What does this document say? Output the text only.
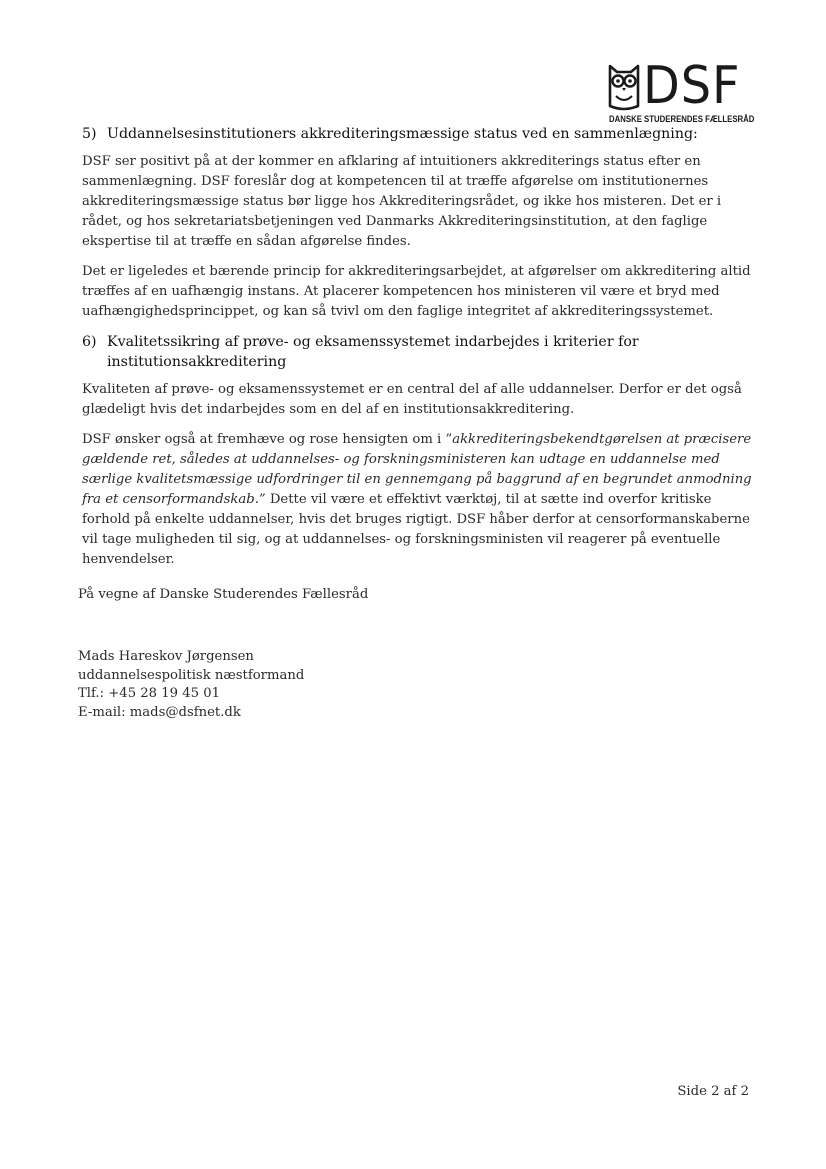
DSF
DANSKE STUDERENDES FÆLLESRÅD
5) Uddannelsesinstitutioners akkrediteringsmæssige status ved en sammenlægning:

DSF ser positivt på at der kommer en afklaring af intuitioners akkrediterings status efter en sammenlægning. DSF foreslår dog at kompetencen til at træffe afgørelse om institutionernes akkrediteringsmæssige status bør ligge hos Akkrediteringsrådet, og ikke hos misteren. Det er i rådet, og hos sekretariatsbetjeningen ved Danmarks Akkrediteringsinstitution, at den faglige ekspertise til at træffe en sådan afgørelse findes.

Det er ligeledes et bærende princip for akkrediteringsarbejdet, at afgørelser om akkreditering altid træffes af en uafhængig instans. At placerer kompetencen hos ministeren vil være et bryd med uafhængighedsprincippet, og kan så tvivl om den faglige integritet af akkrediteringssystemet.

6) Kvalitetssikring af prøve- og eksamenssystemet indarbejdes i kriterier for institutionsakkreditering

Kvaliteten af prøve- og eksamenssystemet er en central del af alle uddannelser. Derfor er det også glædeligt hvis det indarbejdes som en del af en institutionsakkreditering.

DSF ønsker også at fremhæve og rose hensigten om i ”akkrediteringsbekendtgørelsen at præcisere gældende ret, således at uddannelses- og forskningsministeren kan udtage en uddannelse med særlige kvalitetsmæssige udfordringer til en gennemgang på baggrund af en begrundet anmodning fra et censorformandskab.” Dette vil være et effektivt værktøj, til at sætte ind overfor kritiske forhold på enkelte uddannelser, hvis det bruges rigtigt. DSF håber derfor at censorformanskaberne vil tage muligheden til sig, og at uddannelses- og forskningsministen vil reagerer på eventuelle henvendelser.

På vegne af Danske Studerendes Fællesråd
Mads Hareskov Jørgensen
uddannelsespolitisk næstformand
Tlf.: +45 28 19 45 01
E-mail: mads@dsfnet.dk
Side 2 af 2
